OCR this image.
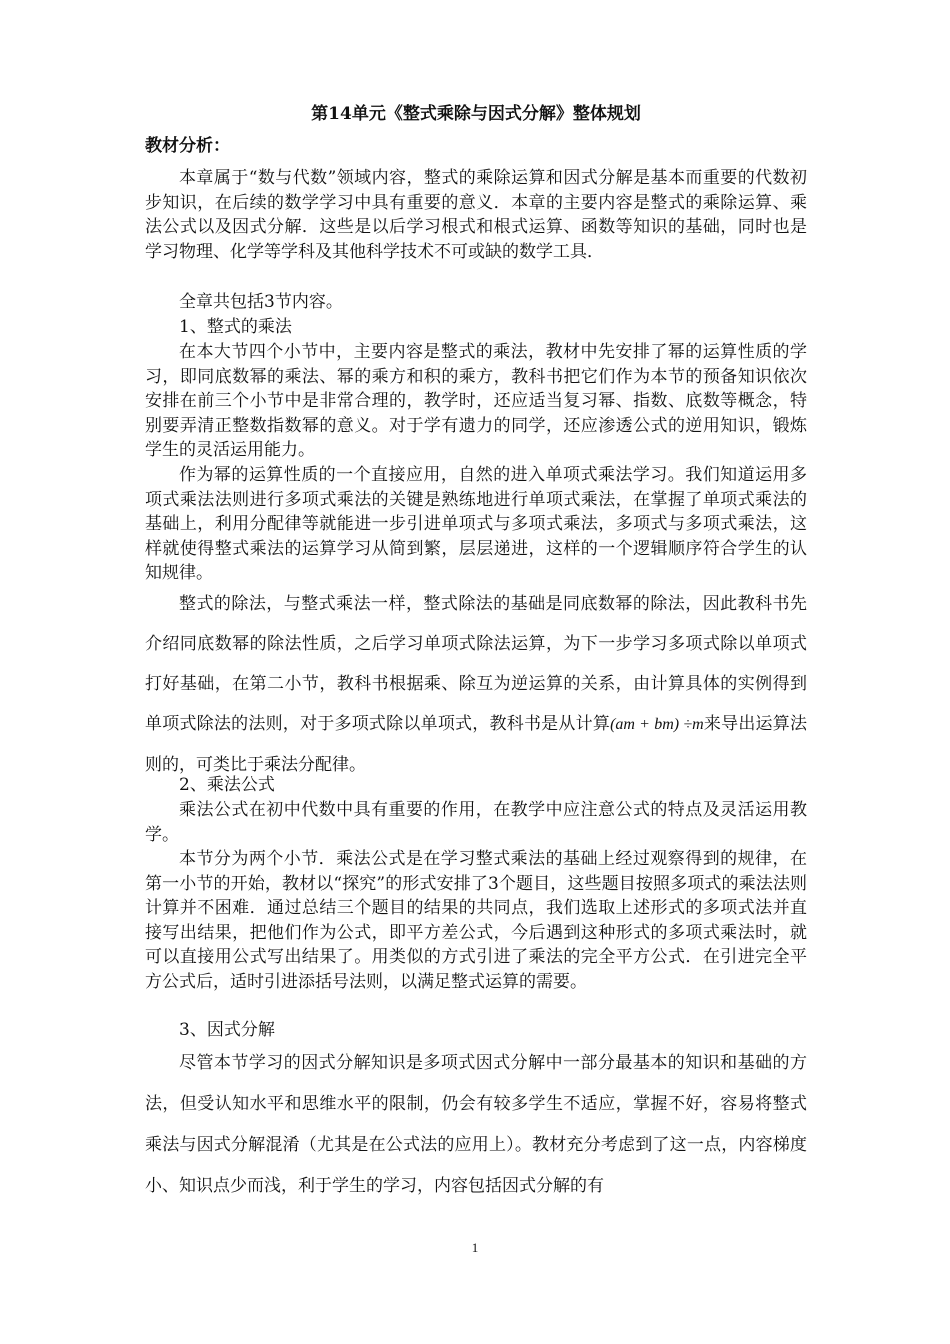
第14单元《整式乘除与因式分解》整体规划
教材分析：

本章属于“数与代数”领域内容，整式的乘除运算和因式分解是基本而重要的代数初步知识，在后续的数学学习中具有重要的意义．本章的主要内容是整式的乘除运算、乘法公式以及因式分解．这些是以后学习根式和根式运算、函数等知识的基础，同时也是学习物理、化学等学科及其他科学技术不可或缺的数学工具．

全章共包括3节内容。

1、整式的乘法

在本大节四个小节中，主要内容是整式的乘法，教材中先安排了幂的运算性质的学习，即同底数幂的乘法、幂的乘方和积的乘方，教科书把它们作为本节的预备知识依次安排在前三个小节中是非常合理的，教学时，还应适当复习幂、指数、底数等概念，特别要弄清正整数指数幂的意义。对于学有遗力的同学，还应渗透公式的逆用知识，锻炼学生的灵活运用能力。

作为幂的运算性质的一个直接应用，自然的进入单项式乘法学习。我们知道运用多项式乘法法则进行多项式乘法的关键是熟练地进行单项式乘法，在掌握了单项式乘法的基础上，利用分配律等就能进一步引进单项式与多项式乘法，多项式与多项式乘法，这样就使得整式乘法的运算学习从简到繁，层层递进，这样的一个逻辑顺序符合学生的认知规律。

整式的除法，与整式乘法一样，整式除法的基础是同底数幂的除法，因此教科书先介绍同底数幂的除法性质，之后学习单项式除法运算，为下一步学习多项式除以单项式打好基础，在第二小节，教科书根据乘、除互为逆运算的关系，由计算具体的实例得到单项式除法的法则，对于多项式除以单项式，教科书是从计算(am + bm) ÷m来导出运算法则的，可类比于乘法分配律。

2、乘法公式

乘法公式在初中代数中具有重要的作用，在教学中应注意公式的特点及灵活运用教学。

本节分为两个小节．乘法公式是在学习整式乘法的基础上经过观察得到的规律，在第一小节的开始，教材以“探究”的形式安排了3个题目，这些题目按照多项式的乘法法则计算并不困难．通过总结三个题目的结果的共同点，我们选取上述形式的多项式法并直接写出结果，把他们作为公式，即平方差公式，今后遇到这种形式的多项式乘法时，就可以直接用公式写出结果了。用类似的方式引进了乘法的完全平方公式．在引进完全平方公式后，适时引进添括号法则，以满足整式运算的需要。

3、因式分解

尽管本节学习的因式分解知识是多项式因式分解中一部分最基本的知识和基础的方法，但受认知水平和思维水平的限制，仍会有较多学生不适应，掌握不好，容易将整式乘法与因式分解混淆（尤其是在公式法的应用上）。教材充分考虑到了这一点，内容梯度小、知识点少而浅，利于学生的学习，内容包括因式分解的有

1
